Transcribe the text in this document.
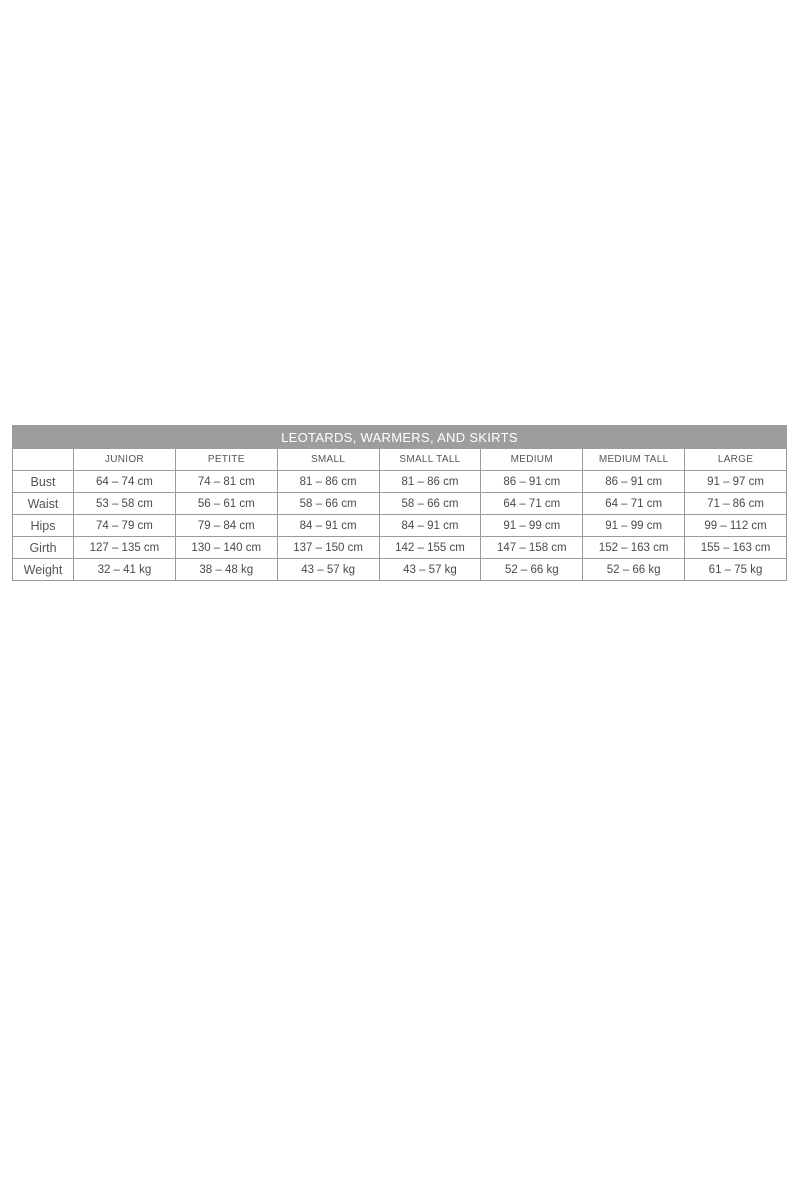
LEOTARDS, WARMERS, AND SKIRTS							
	JUNIOR	PETITE	SMALL	SMALL TALL	MEDIUM	MEDIUM TALL	LARGE
Bust	64 – 74 cm	74 – 81 cm	81 – 86 cm	81 – 86 cm	86 – 91 cm	86 – 91 cm	91 – 97 cm
Waist	53 – 58 cm	56 – 61 cm	58 – 66 cm	58 – 66 cm	64 – 71 cm	64 – 71 cm	71 – 86 cm
Hips	74 – 79 cm	79 – 84 cm	84 – 91 cm	84 – 91 cm	91 – 99 cm	91 – 99 cm	99 – 112 cm
Girth	127 – 135 cm	130 – 140 cm	137 – 150 cm	142 – 155 cm	147 – 158 cm	152 – 163 cm	155 – 163 cm
Weight	32 – 41 kg	38 – 48 kg	43 – 57 kg	43 – 57 kg	52 – 66 kg	52 – 66 kg	61 – 75 kg
